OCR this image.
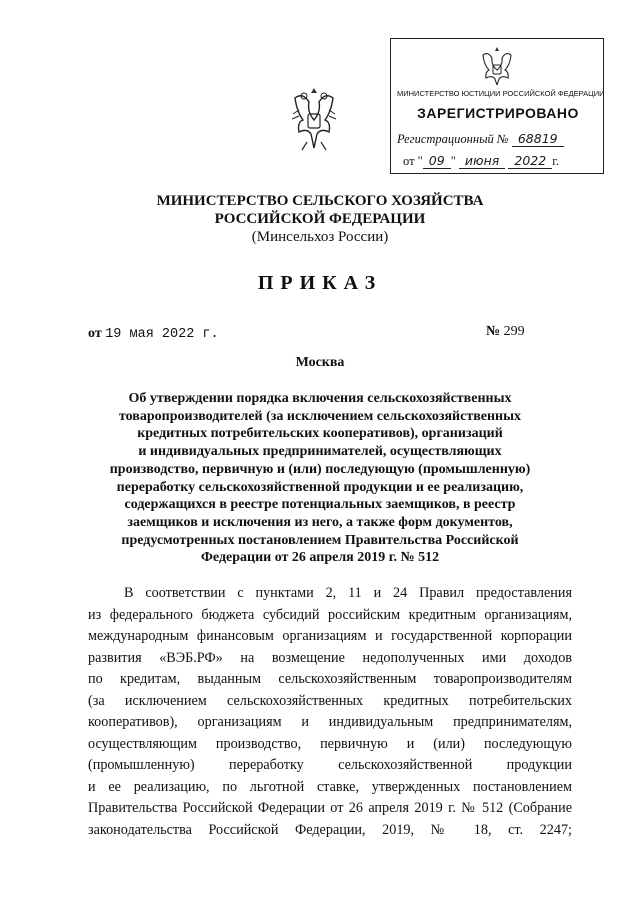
МИНИСТЕРСТВО ЮСТИЦИИ РОССИЙСКОЙ ФЕДЕРАЦИИ
ЗАРЕГИСТРИРОВАНО
Регистрационный № 68819
от " 09 " июня 2022 г.
МИНИСТЕРСТВО СЕЛЬСКОГО ХОЗЯЙСТВА
РОССИЙСКОЙ ФЕДЕРАЦИИ
(Минсельхоз России)
ПРИКАЗ
от 19 мая 2022 г.	№ 299
Москва
Об утверждении порядка включения сельскохозяйственных
товаропроизводителей (за исключением сельскохозяйственных
кредитных потребительских кооперативов), организаций
и индивидуальных предпринимателей, осуществляющих
производство, первичную и (или) последующую (промышленную)
переработку сельскохозяйственной продукции и ее реализацию,
содержащихся в реестре потенциальных заемщиков, в реестр
заемщиков и исключения из него, а также форм документов,
предусмотренных постановлением Правительства Российской
Федерации от 26 апреля 2019 г. № 512
В соответствии с пунктами 2, 11 и 24 Правил предоставления
из федерального бюджета субсидий российским кредитным организациям,
международным финансовым организациям и государственной корпорации
развития «ВЭБ.РФ» на возмещение недополученных ими доходов
по кредитам, выданным сельскохозяйственным товаропроизводителям
(за исключением сельскохозяйственных кредитных потребительских
кооперативов), организациям и индивидуальным предпринимателям,
осуществляющим производство, первичную и (или) последующую
(промышленную) переработку сельскохозяйственной продукции
и ее реализацию, по льготной ставке, утвержденных постановлением
Правительства Российской Федерации от 26 апреля 2019 г. № 512 (Собрание
законодательства Российской Федерации, 2019, № 18, ст. 2247;
